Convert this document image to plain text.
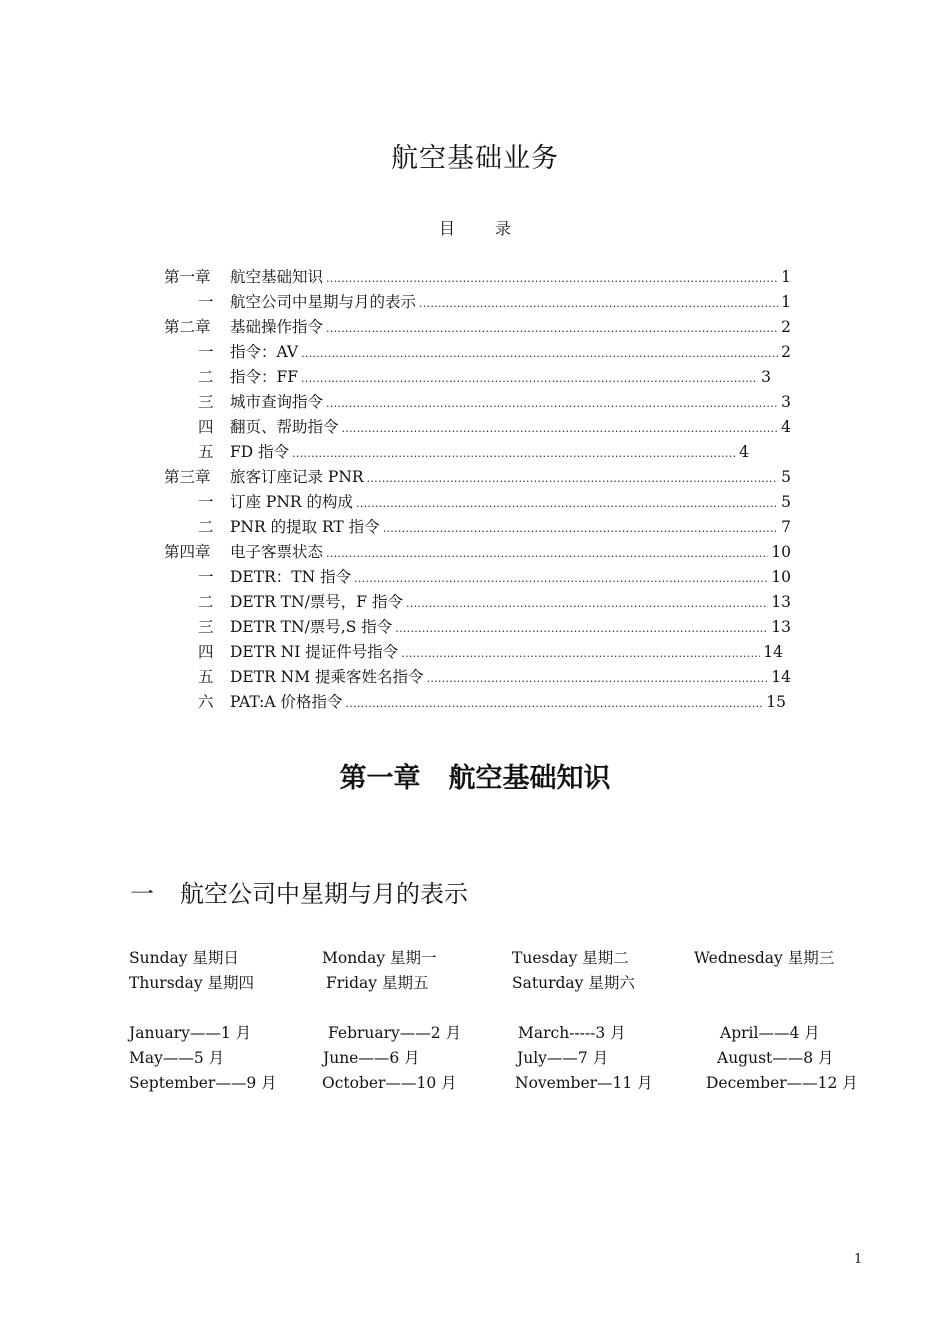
航空基础业务
目	录
第一章 航空基础知识 .....	1
一 航空公司中星期与月的表示 .....	1
第二章 基础操作指令 .....	2
一 指令：AV .....	2
二 指令：FF .....	3
三 城市查询指令 .....	3
四 翻页、帮助指令 .....	4
五 FD 指令 .....	4
第三章 旅客订座记录 PNR .....	5
一 订座 PNR 的构成 .....	5
二 PNR 的提取 RT 指令 .....	7
第四章 电子客票状态 .....	10
一 DETR：TN 指令 .....	10
二 DETR TN/票号，F 指令 .....	13
三 DETR TN/票号,S 指令 .....	13
四 DETR NI 提证件号指令 .....	14
五 DETR NM 提乘客姓名指令 .....	14
六 PAT:A 价格指令 .....	15
第一章 航空基础知识
一 航空公司中星期与月的表示
Sunday 星期日	Monday 星期一	Tuesday 星期二	Wednesday 星期三
Thursday 星期四	Friday 星期五	Saturday 星期六
January——1 月	February——2 月	March-----3 月	April——4 月
May——5 月	June——6 月	July——7 月	August——8 月
September——9 月	October——10 月	November—11 月	December——12 月
1
